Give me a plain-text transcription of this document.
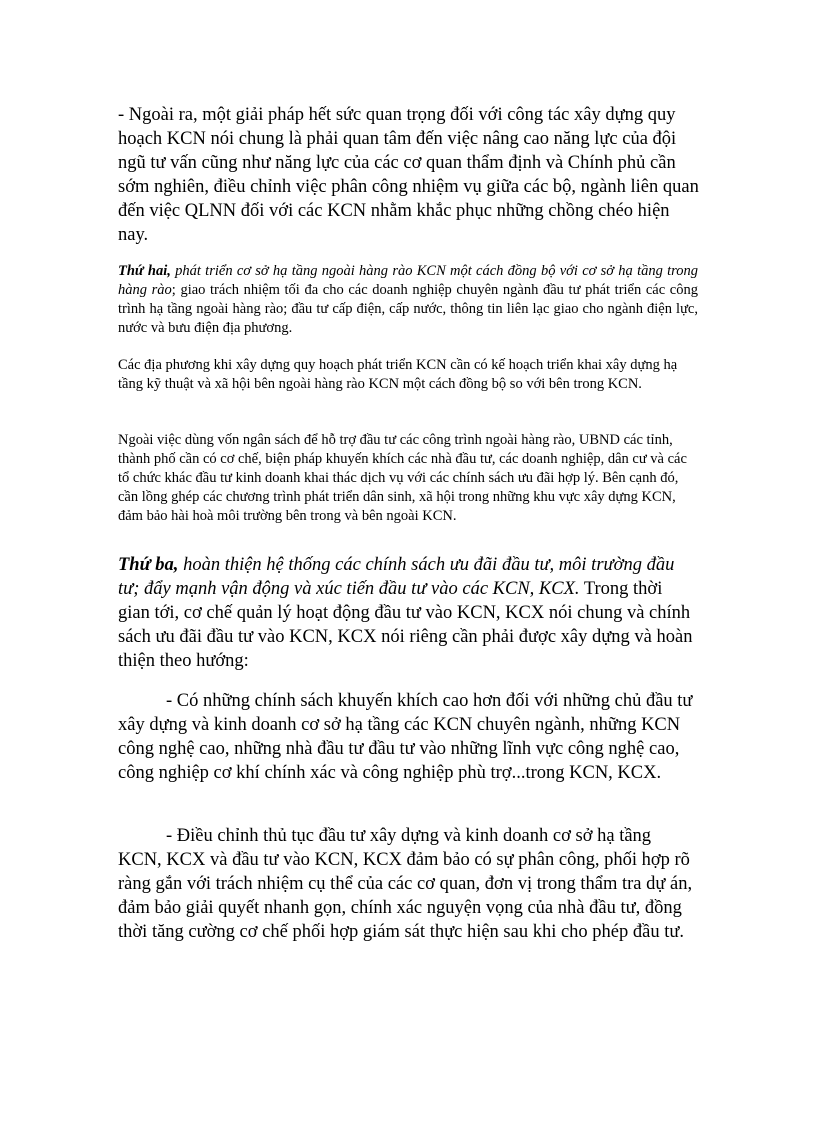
- Ngoài ra, một giải pháp hết sức quan trọng đối với công tác xây dựng quy hoạch KCN nói chung là phải quan tâm đến việc nâng cao năng lực của đội ngũ tư vấn cũng như năng lực của các cơ quan thẩm định và Chính phủ cần sớm nghiên, điều chỉnh việc phân công nhiệm vụ giữa các bộ, ngành liên quan đến việc QLNN đối với các KCN nhằm khắc phục những chồng chéo hiện nay.

Thứ hai, phát triển cơ sở hạ tầng ngoài hàng rào KCN một cách đồng bộ với cơ sở hạ tầng trong hàng rào; giao trách nhiệm tối đa cho các doanh nghiệp chuyên ngành đầu tư phát triển các công trình hạ tầng ngoài hàng rào; đầu tư cấp điện, cấp nước, thông tin liên lạc giao cho ngành điện lực, nước và bưu điện địa phương.

Các địa phương khi xây dựng quy hoạch phát triển KCN cần có kế hoạch triển khai xây dựng hạ tầng kỹ thuật và xã hội bên ngoài hàng rào KCN một cách đồng bộ so với bên trong KCN.

Ngoài việc dùng vốn ngân sách để hỗ trợ đầu tư các công trình ngoài hàng rào, UBND các tỉnh, thành phố cần có cơ chế, biện pháp khuyến khích các nhà đầu tư, các doanh nghiệp, dân cư và các tổ chức khác đầu tư kinh doanh khai thác dịch vụ với các chính sách ưu đãi hợp lý. Bên cạnh đó, cần lồng ghép các chương trình phát triển dân sinh, xã hội trong những khu vực xây dựng KCN, đảm bảo hài hoà môi trường bên trong và bên ngoài KCN.

Thứ ba, hoàn thiện hệ thống các chính sách ưu đãi đầu tư, môi trường đầu tư; đẩy mạnh vận động và xúc tiến đầu tư vào các KCN, KCX. Trong thời gian tới, cơ chế quản lý hoạt động đầu tư vào KCN, KCX nói chung và chính sách ưu đãi đầu tư vào KCN, KCX nói riêng cần phải được xây dựng và hoàn thiện theo hướng:

- Có những chính sách khuyến khích cao hơn đối với những chủ đầu tư xây dựng và kinh doanh cơ sở hạ tầng các KCN chuyên ngành, những KCN công nghệ cao, những nhà đầu tư đầu tư vào những lĩnh vực công nghệ cao, công nghiệp cơ khí chính xác và công nghiệp phù trợ...trong KCN, KCX.

- Điều chỉnh thủ tục đầu tư xây dựng và kinh doanh cơ sở hạ tầng KCN, KCX và đầu tư vào KCN, KCX đảm bảo có sự phân công, phối hợp rõ ràng gắn với trách nhiệm cụ thể của các cơ quan, đơn vị trong thẩm tra dự án, đảm bảo giải quyết nhanh gọn, chính xác nguyện vọng của nhà đầu tư, đồng thời tăng cường cơ chế phối hợp giám sát thực hiện sau khi cho phép đầu tư.
